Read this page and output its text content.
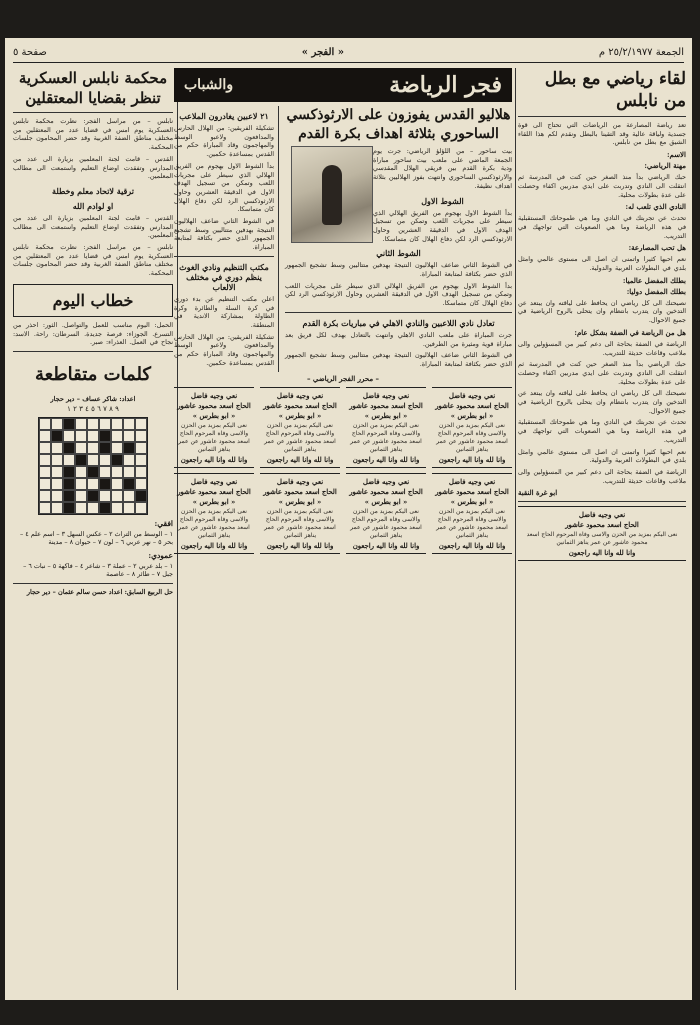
الجمعة ٢٥/٢/١٩٧٧ م
« الفجر »
صفحة ٥
لقاء رياضي مع بطل من نابلس
تعد رياضة المصارعة من الرياضات التي تحتاج الى قوة جسدية ولياقة عالية وقد التقينا بالبطل ونقدم لكم هذا اللقاء الشيق مع بطل من نابلس.
الاسم:
مهنة الرياضي:
حبك الرياضي بدأ منذ الصغر حين كنت في المدرسة ثم انتقلت الى النادي وتدربت على ايدي مدربين اكفاء وحصلت على عدة بطولات محلية.
النادي الذي تلعب له:
تحدث عن تجربتك في النادي وما هي طموحاتك المستقبلية في هذه الرياضة وما هي الصعوبات التي تواجهك في التدريب.
هل تحب المصارعة:
نعم احبها كثيرا واتمنى ان اصل الى مستوى عالمي وامثل بلدي في البطولات العربية والدولية.
بطلك المفضل عالميا:
بطلك المفضل دوليا:
نصيحتك الى كل رياضي ان يحافظ على لياقته وان يبتعد عن التدخين وان يتدرب بانتظام وان يتحلى بالروح الرياضية في جميع الاحوال.
هل من الرياضة في الضفة بشكل عام:
الرياضة في الضفة بحاجة الى دعم كبير من المسؤولين والى ملاعب وقاعات حديثة للتدريب.
حبك الرياضي بدأ منذ الصغر حين كنت في المدرسة ثم انتقلت الى النادي وتدربت على ايدي مدربين اكفاء وحصلت على عدة بطولات محلية.
نصيحتك الى كل رياضي ان يحافظ على لياقته وان يبتعد عن التدخين وان يتدرب بانتظام وان يتحلى بالروح الرياضية في جميع الاحوال.
تحدث عن تجربتك في النادي وما هي طموحاتك المستقبلية في هذه الرياضة وما هي الصعوبات التي تواجهك في التدريب.
نعم احبها كثيرا واتمنى ان اصل الى مستوى عالمي وامثل بلدي في البطولات العربية والدولية.
الرياضة في الضفة بحاجة الى دعم كبير من المسؤولين والى ملاعب وقاعات حديثة للتدريب.
ابو غرة النقبة
نعي وجيه فاضل
الحاج اسعد محمود عاشور
نعى اليكم بمزيد من الحزن والاسى وفاة المرحوم الحاج اسعد محمود عاشور عن عمر يناهز الثمانين
وانا لله وانا اليه راجعون
فجر الرياضة
والشباب
هلاليو القدس يفوزون على الارثوذكسي
الساحوري بثلاثة اهداف بكرة القدم
بيت ساحور – من اللؤلؤ الرياضي: جرت يوم الجمعة الماضي على ملعب بيت ساحور مباراة ودية بكرة القدم بين فريقي الهلال المقدسي والارثوذكسي الساحوري وانتهت بفوز الهلاليين بثلاثة اهداف نظيفة.
الشوط الاول
بدأ الشوط الاول بهجوم من الفريق الهلالي الذي سيطر على مجريات اللعب وتمكن من تسجيل الهدف الاول في الدقيقة العشرين وحاول الارثوذكسي الرد لكن دفاع الهلال كان متماسكا.
الشوط الثاني
في الشوط الثاني ضاعف الهلاليون النتيجة بهدفين متتاليين وسط تشجيع الجمهور الذي حضر بكثافة لمتابعة المباراة.
بدأ الشوط الاول بهجوم من الفريق الهلالي الذي سيطر على مجريات اللعب وتمكن من تسجيل الهدف الاول في الدقيقة العشرين وحاول الارثوذكسي الرد لكن دفاع الهلال كان متماسكا.
تعادل نادي اللاعبين والنادي الاهلي في مباريات بكرة القدم
جرت المباراة على ملعب النادي الاهلي وانتهت بالتعادل بهدف لكل فريق بعد مباراة قوية ومثيرة من الطرفين.
في الشوط الثاني ضاعف الهلاليون النتيجة بهدفين متتاليين وسط تشجيع الجمهور الذي حضر بكثافة لمتابعة المباراة.
٢١ لاعبين يغادرون الملاعب
تشكيلة الفريقين: من الهلال الحارس والمدافعون ولاعبو الوسط والمهاجمون وقاد المباراة حكم من القدس بمساعدة حكمين.
بدأ الشوط الاول بهجوم من الفريق الهلالي الذي سيطر على مجريات اللعب وتمكن من تسجيل الهدف الاول في الدقيقة العشرين وحاول الارثوذكسي الرد لكن دفاع الهلال كان متماسكا.
في الشوط الثاني ضاعف الهلاليون النتيجة بهدفين متتاليين وسط تشجيع الجمهور الذي حضر بكثافة لمتابعة المباراة.
مكتب التنظيم ونادي الغوث ينظم دوري في مختلف الالعاب
اعلن مكتب التنظيم عن بدء دوري في كرة السلة والطائرة وكرة الطاولة بمشاركة الاندية في المنطقة.
تشكيلة الفريقين: من الهلال الحارس والمدافعون ولاعبو الوسط والمهاجمون وقاد المباراة حكم من القدس بمساعدة حكمين.
– محرر الفجر الرياضي –
نعي وجيه فاضل
الحاج اسعد محمود عاشور
« ابو بطرس »
نعى اليكم بمزيد من الحزن والاسى وفاة المرحوم الحاج اسعد محمود عاشور عن عمر يناهز الثمانين
وانا لله وانا اليه راجعون
نعي وجيه فاضل
الحاج اسعد محمود عاشور
« ابو بطرس »
نعى اليكم بمزيد من الحزن والاسى وفاة المرحوم الحاج اسعد محمود عاشور عن عمر يناهز الثمانين
وانا لله وانا اليه راجعون
نعي وجيه فاضل
الحاج اسعد محمود عاشور
« ابو بطرس »
نعى اليكم بمزيد من الحزن والاسى وفاة المرحوم الحاج اسعد محمود عاشور عن عمر يناهز الثمانين
وانا لله وانا اليه راجعون
نعي وجيه فاضل
الحاج اسعد محمود عاشور
« ابو بطرس »
نعى اليكم بمزيد من الحزن والاسى وفاة المرحوم الحاج اسعد محمود عاشور عن عمر يناهز الثمانين
وانا لله وانا اليه راجعون
نعي وجيه فاضل
الحاج اسعد محمود عاشور
« ابو بطرس »
نعى اليكم بمزيد من الحزن والاسى وفاة المرحوم الحاج اسعد محمود عاشور عن عمر يناهز الثمانين
وانا لله وانا اليه راجعون
نعي وجيه فاضل
الحاج اسعد محمود عاشور
« ابو بطرس »
نعى اليكم بمزيد من الحزن والاسى وفاة المرحوم الحاج اسعد محمود عاشور عن عمر يناهز الثمانين
وانا لله وانا اليه راجعون
نعي وجيه فاضل
الحاج اسعد محمود عاشور
« ابو بطرس »
نعى اليكم بمزيد من الحزن والاسى وفاة المرحوم الحاج اسعد محمود عاشور عن عمر يناهز الثمانين
وانا لله وانا اليه راجعون
نعي وجيه فاضل
الحاج اسعد محمود عاشور
« ابو بطرس »
نعى اليكم بمزيد من الحزن والاسى وفاة المرحوم الحاج اسعد محمود عاشور عن عمر يناهز الثمانين
وانا لله وانا اليه راجعون
محكمة نابلس العسكرية تنظر بقضايا المعتقلين
نابلس – من مراسل الفجر: نظرت محكمة نابلس العسكرية يوم امس في قضايا عدد من المعتقلين من مختلف مناطق الضفة الغربية وقد حضر المحامون جلسات المحكمة.
القدس – قامت لجنة المعلمين بزيارة الى عدد من المدارس وتفقدت اوضاع التعليم واستمعت الى مطالب المعلمين.
ترقية لاتحاد معلم وخطلة
او لوادم الله
القدس – قامت لجنة المعلمين بزيارة الى عدد من المدارس وتفقدت اوضاع التعليم واستمعت الى مطالب المعلمين.
نابلس – من مراسل الفجر: نظرت محكمة نابلس العسكرية يوم امس في قضايا عدد من المعتقلين من مختلف مناطق الضفة الغربية وقد حضر المحامون جلسات المحكمة.
خطاب اليوم
الحمل: اليوم مناسب للعمل والتواصل. الثور: احذر من التسرع. الجوزاء: فرصة جديدة. السرطان: راحة. الاسد: نجاح في العمل. العذراء: صبر.
كلمات متقاطعة
اعداد: شاكر عساف – دير حجار
٩ ٨ ٧ ٦ ٥ ٤ ٣ ٢ ١
افقي:
١ – الوسط من التراث ٢ – عكس السهل ٣ – اسم علم ٤ – بحر ٥ – نهر عربي ٦ – لون ٧ – حيوان ٨ – مدينة
عمودي:
١ – بلد عربي ٢ – عملة ٣ – شاعر ٤ – فاكهة ٥ – نبات ٦ – جبل ٧ – طائر ٨ – عاصمة
حل الربيع السابق: اعداد حسن سالم عثمان – دير حجار
